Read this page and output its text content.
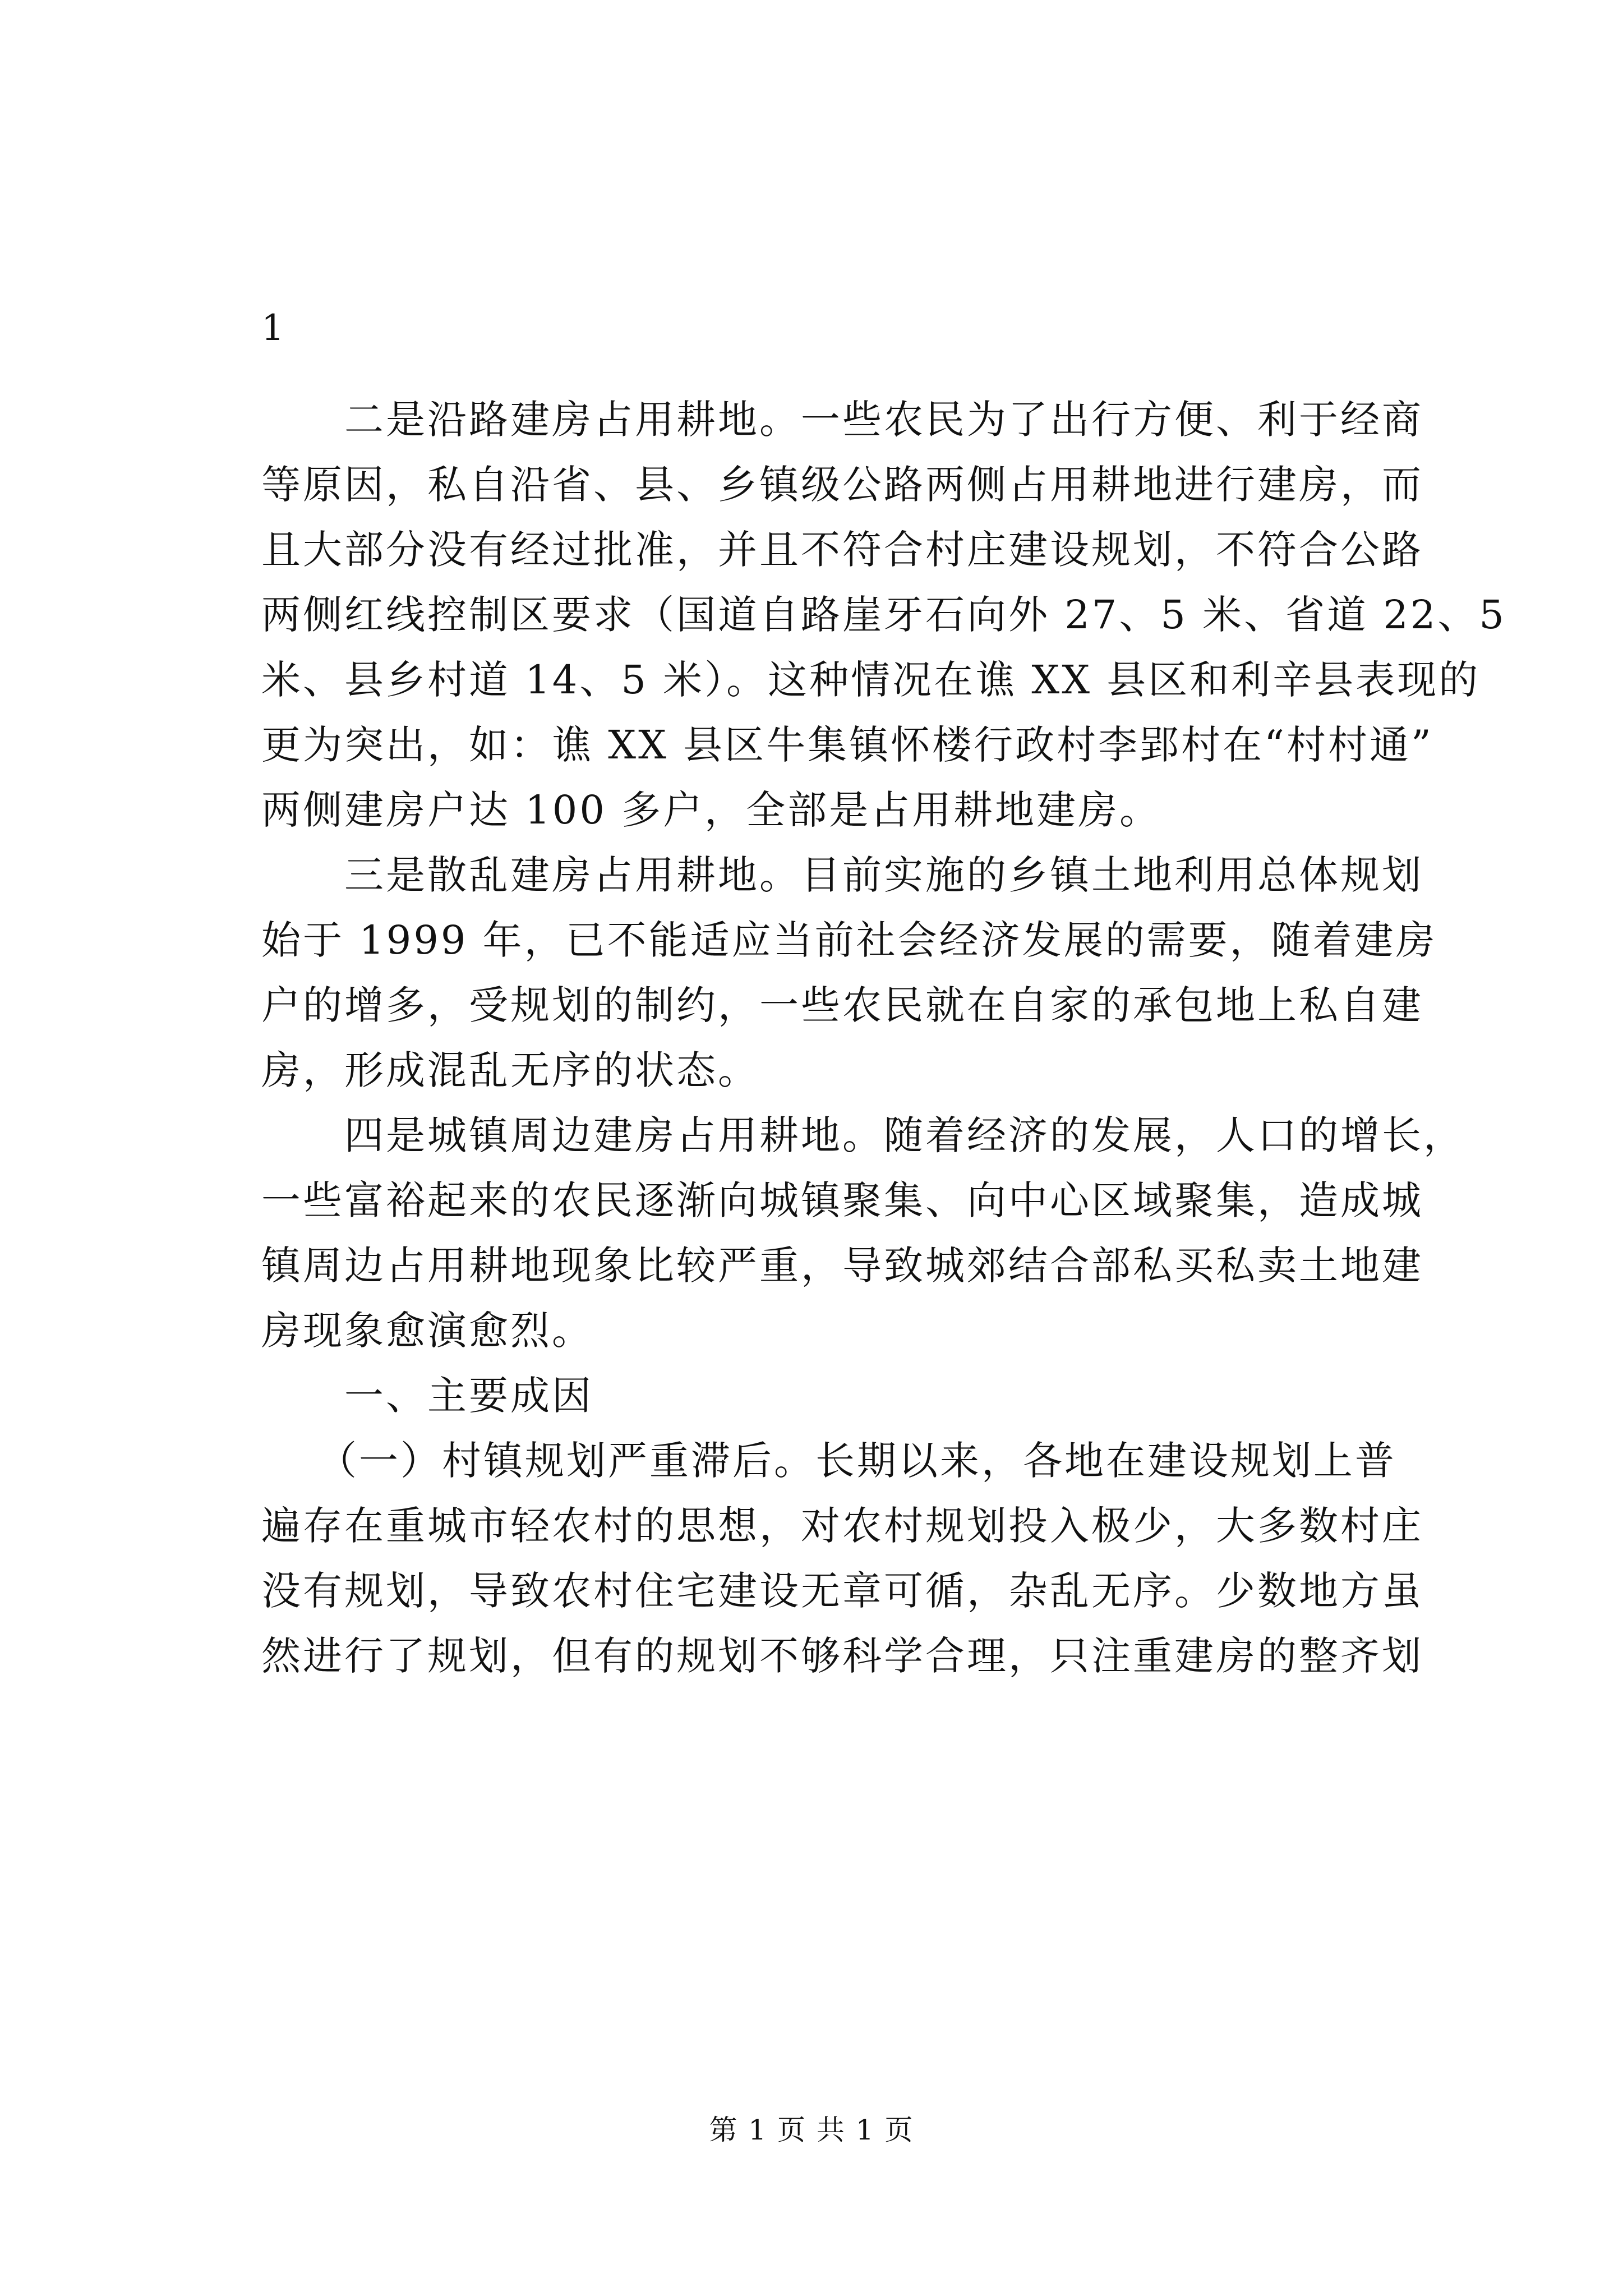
1
二是沿路建房占用耕地。一些农民为了出行方便、利于经商
等原因，私自沿省、县、乡镇级公路两侧占用耕地进行建房，而
且大部分没有经过批准，并且不符合村庄建设规划，不符合公路
两侧红线控制区要求（国道自路崖牙石向外 27、5 米、省道 22、5
米、县乡村道 14、5 米）。这种情况在谯 XX 县区和利辛县表现的
更为突出，如：谯 XX 县区牛集镇怀楼行政村李郢村在“村村通”
两侧建房户达 100 多户，全部是占用耕地建房。
三是散乱建房占用耕地。目前实施的乡镇土地利用总体规划
始于 1999 年，已不能适应当前社会经济发展的需要，随着建房
户的增多，受规划的制约，一些农民就在自家的承包地上私自建
房，形成混乱无序的状态。
四是城镇周边建房占用耕地。随着经济的发展，人口的增长，
一些富裕起来的农民逐渐向城镇聚集、向中心区域聚集，造成城
镇周边占用耕地现象比较严重，导致城郊结合部私买私卖土地建
房现象愈演愈烈。
一、主要成因
（一）村镇规划严重滞后。长期以来，各地在建设规划上普
遍存在重城市轻农村的思想，对农村规划投入极少，大多数村庄
没有规划，导致农村住宅建设无章可循，杂乱无序。少数地方虽
然进行了规划，但有的规划不够科学合理，只注重建房的整齐划
第 1 页 共 1 页
